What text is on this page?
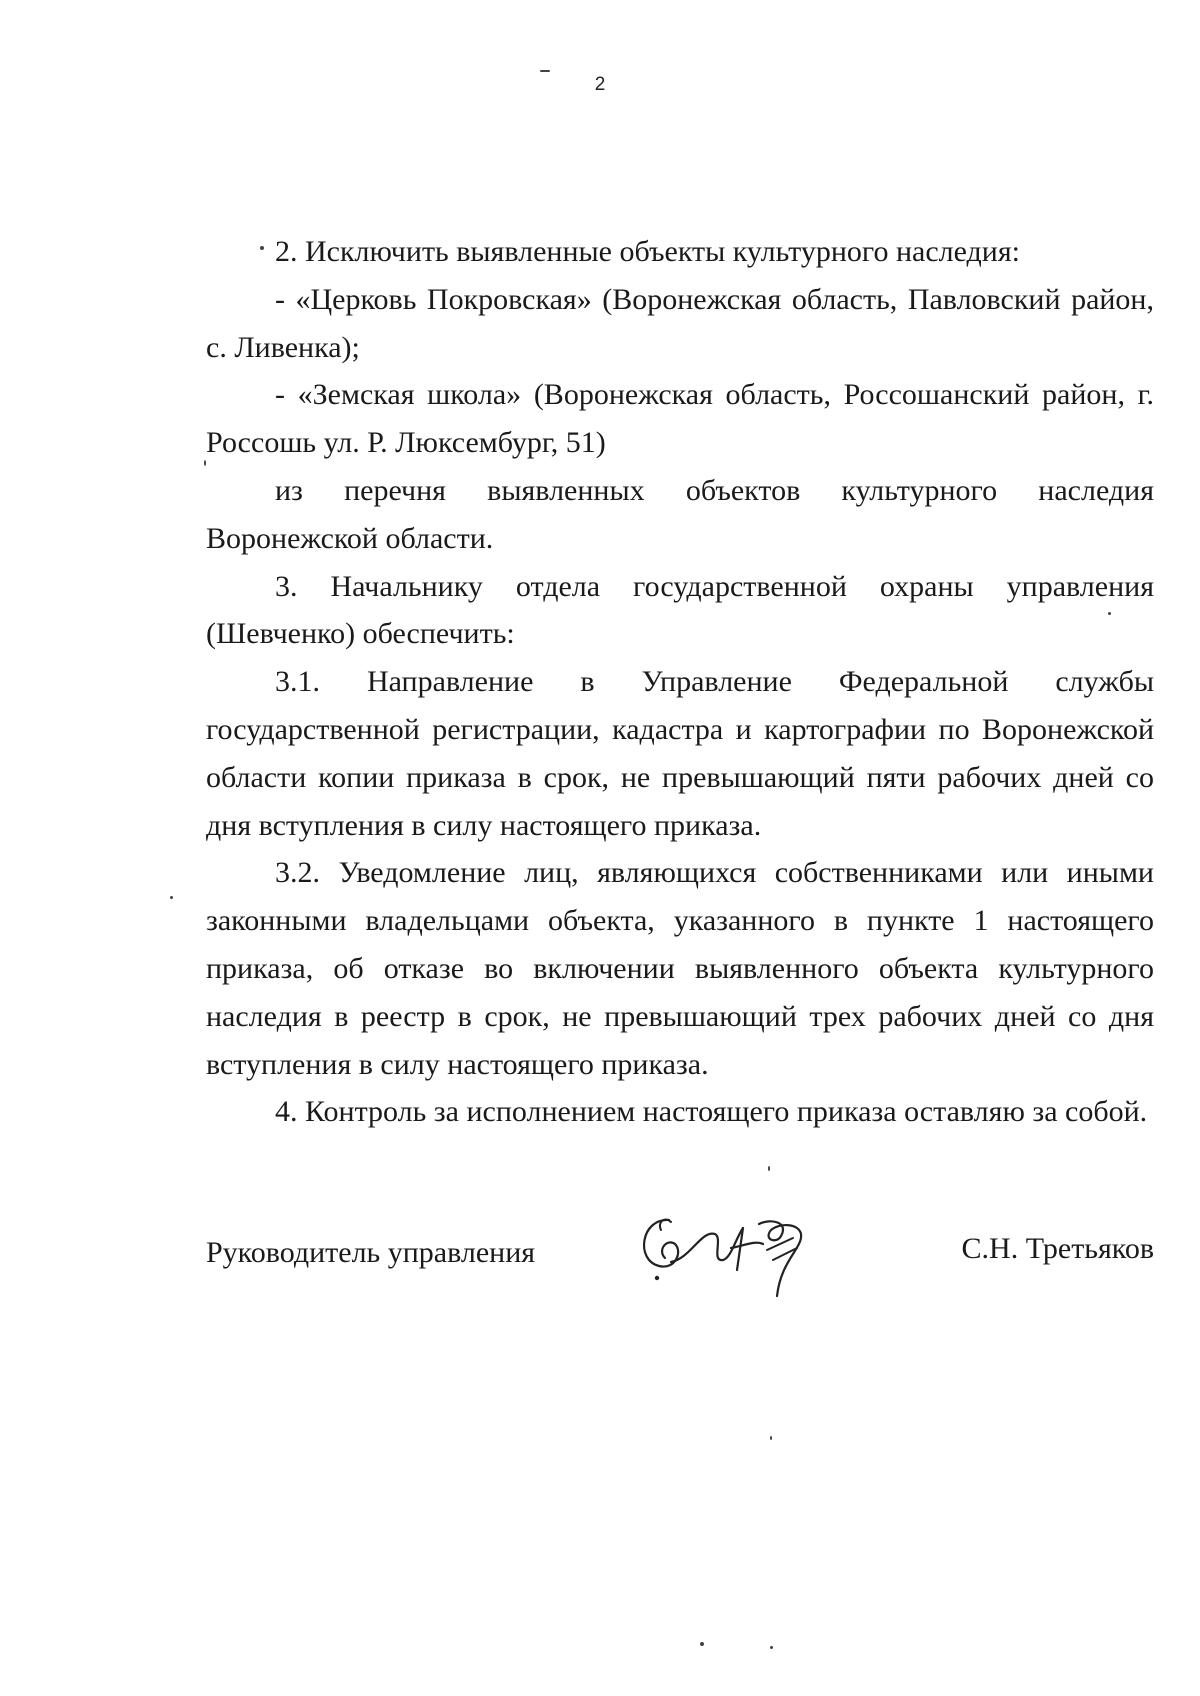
2

2. Исключить выявленные объекты культурного наследия:

- «Церковь Покровская» (Воронежская область, Павловский район, с. Ливенка);

- «Земская школа» (Воронежская область, Россошанский район, г. Россошь ул. Р. Люксембург, 51)

из перечня выявленных объектов культурного наследия Воронежской области.

3. Начальнику отдела государственной охраны управления (Шевченко) обеспечить:

3.1. Направление в Управление Федеральной службы государственной регистрации, кадастра и картографии по Воронежской области копии приказа в срок, не превышающий пяти рабочих дней со дня вступления в силу настоящего приказа.

3.2. Уведомление лиц, являющихся собственниками или иными законными владельцами объекта, указанного в пункте 1 настоящего приказа, об отказе во включении выявленного объекта культурного наследия в реестр в срок, не превышающий трех рабочих дней со дня вступления в силу настоящего приказа.

4. Контроль за исполнением настоящего приказа оставляю за собой.

Руководитель управления	С.Н. Третьяков
